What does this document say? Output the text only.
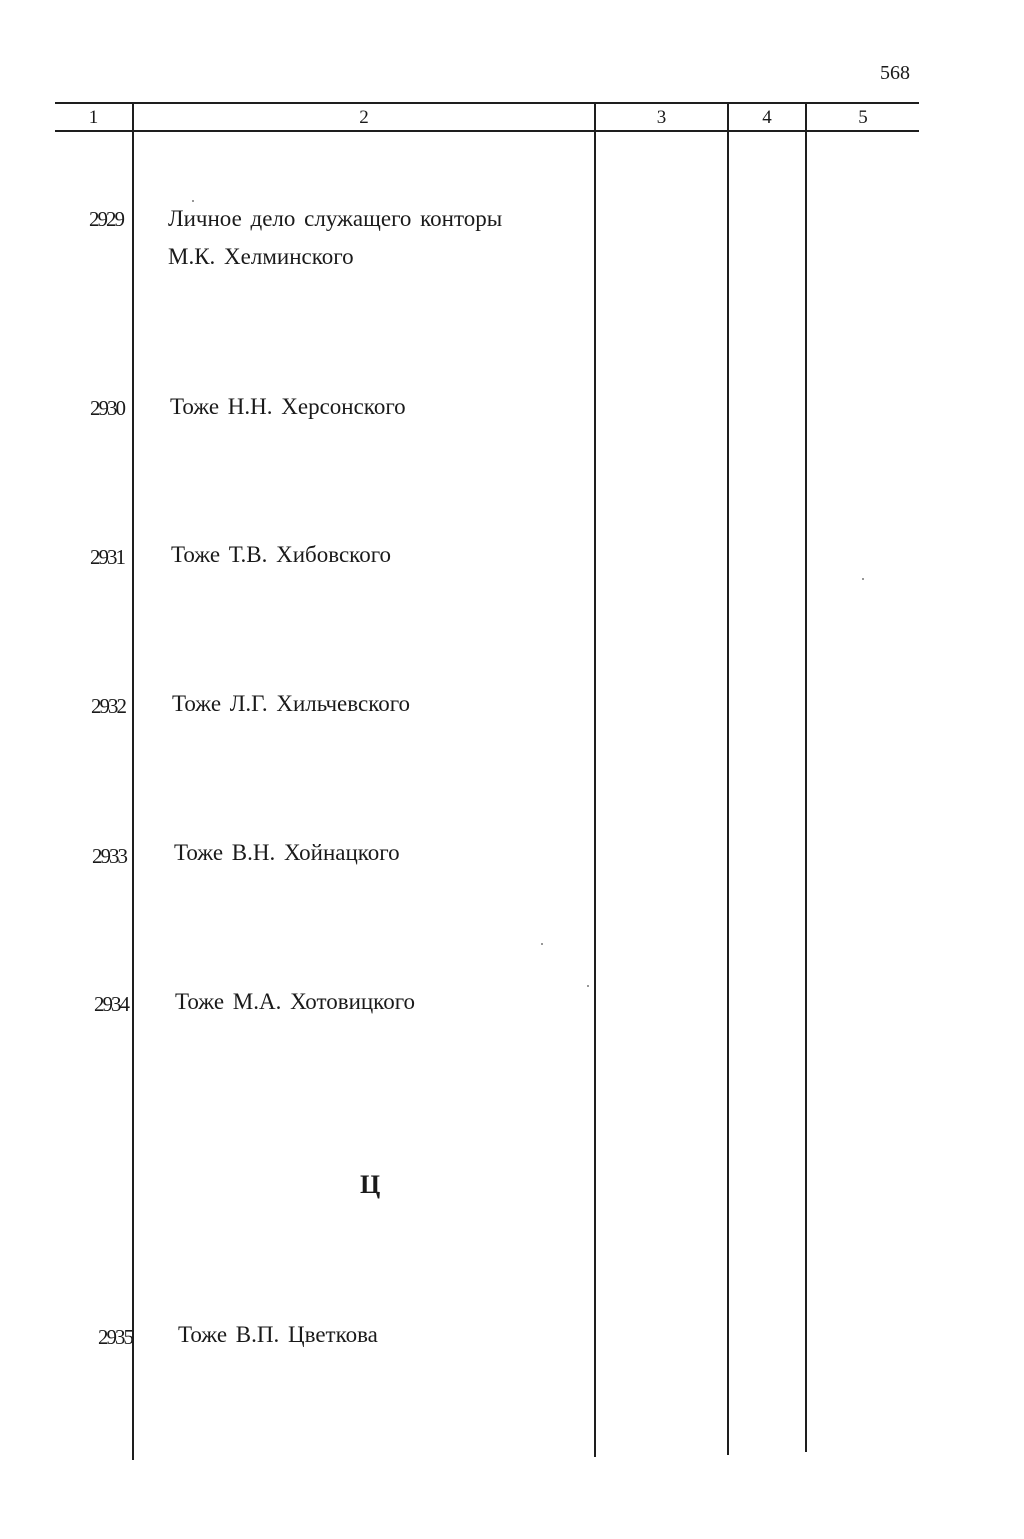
568
1	2	3	4	5
2929 Личное дело служащего конторы
М.К. Хелминского
2930 Тоже Н.Н. Херсонского
2931 Тоже Т.В. Хибовского
2932 Тоже Л.Г. Хильчевского
2933 Тоже В.Н. Хойнацкого
2934 Тоже М.А. Хотовицкого
Ц
2935 Тоже В.П. Цветкова
